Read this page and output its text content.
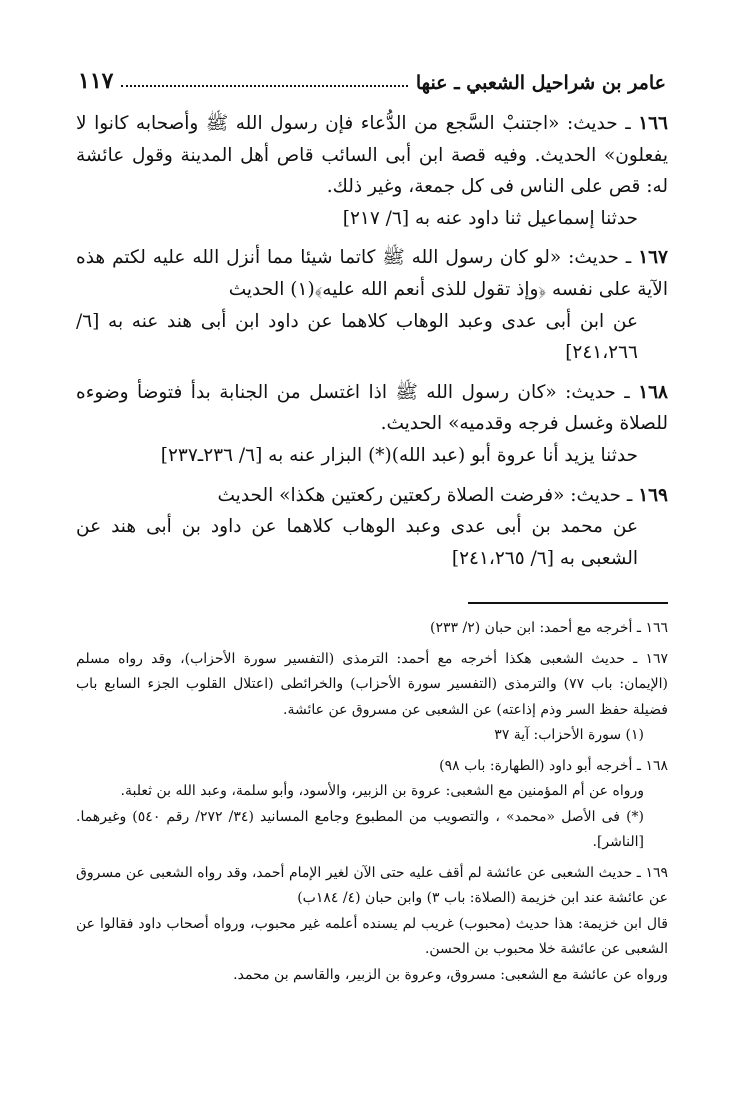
عامر بن شراحيل الشعبي ـ عنها
١١٧
١٦٦ ـ حديث: «اجتنبْ السَّجع من الدُّعاء فإن رسول الله ﷺ وأصحابه كانوا لا يفعلون» الحديث. وفيه قصة ابن أبى السائب قاص أهل المدينة وقول عائشة له: قص على الناس فى كل جمعة، وغير ذلك.
حدثنا إسماعيل ثنا داود عنه به [٦/ ٢١٧]
١٦٧ ـ حديث: «لو كان رسول الله ﷺ كاتما شيئا مما أنزل الله عليه لكتم هذه الآية على نفسه ﴿وإذ تقول للذى أنعم الله عليه﴾(١) الحديث
عن ابن أبى عدى وعبد الوهاب كلاهما عن داود ابن أبى هند عنه به [٦/ ٢٤١،٢٦٦]
١٦٨ ـ حديث: «كان رسول الله ﷺ اذا اغتسل من الجنابة بدأ فتوضأ وضوءه للصلاة وغسل فرجه وقدميه» الحديث.
حدثنا يزيد أنا عروة أبو (عبد الله)(*) البزار عنه به [٦/ ٢٣٦ـ٢٣٧]
١٦٩ ـ حديث: «فرضت الصلاة ركعتين ركعتين هكذا» الحديث
عن محمد بن أبى عدى وعبد الوهاب كلاهما عن داود بن أبى هند عن الشعبى به [٦/ ٢٤١،٢٦٥]

١٦٦ ـ أخرجه مع أحمد: ابن حبان (٢/ ٢٣٣)

١٦٧ ـ حديث الشعبى هكذا أخرجه مع أحمد: الترمذى (التفسير سورة الأحزاب)، وقد رواه مسلم (الإيمان: باب ٧٧) والترمذى (التفسير سورة الأحزاب) والخرائطى (اعتلال القلوب الجزء السابع باب فضيلة حفظ السر وذم إذاعته) عن الشعبى عن مسروق عن عائشة.

(١) سورة الأحزاب: آية ٣٧

١٦٨ ـ أخرجه أبو داود (الطهارة: باب ٩٨)

ورواه عن أم المؤمنين مع الشعبى: عروة بن الزبير، والأسود، وأبو سلمة، وعبد الله بن ثعلبة.

(*) فى الأصل «محمد» ، والتصويب من المطبوع وجامع المسانيد (٣٤/ ٢٧٢/ رقم ٥٤٠) وغيرهما. [الناشر].

١٦٩ ـ حديث الشعبى عن عائشة لم أقف عليه حتى الآن لغير الإمام أحمد، وقد رواه الشعبى عن مسروق عن عائشة عند ابن خزيمة (الصلاة: باب ٣) وابن حبان (٤/ ١٨٤ب)

قال ابن خزيمة: هذا حديث (محبوب) غريب لم يسنده أعلمه غير محبوب، ورواه أصحاب داود فقالوا عن الشعبى عن عائشة خلا محبوب بن الحسن.

ورواه عن عائشة مع الشعبى: مسروق، وعروة بن الزبير، والقاسم بن محمد.
